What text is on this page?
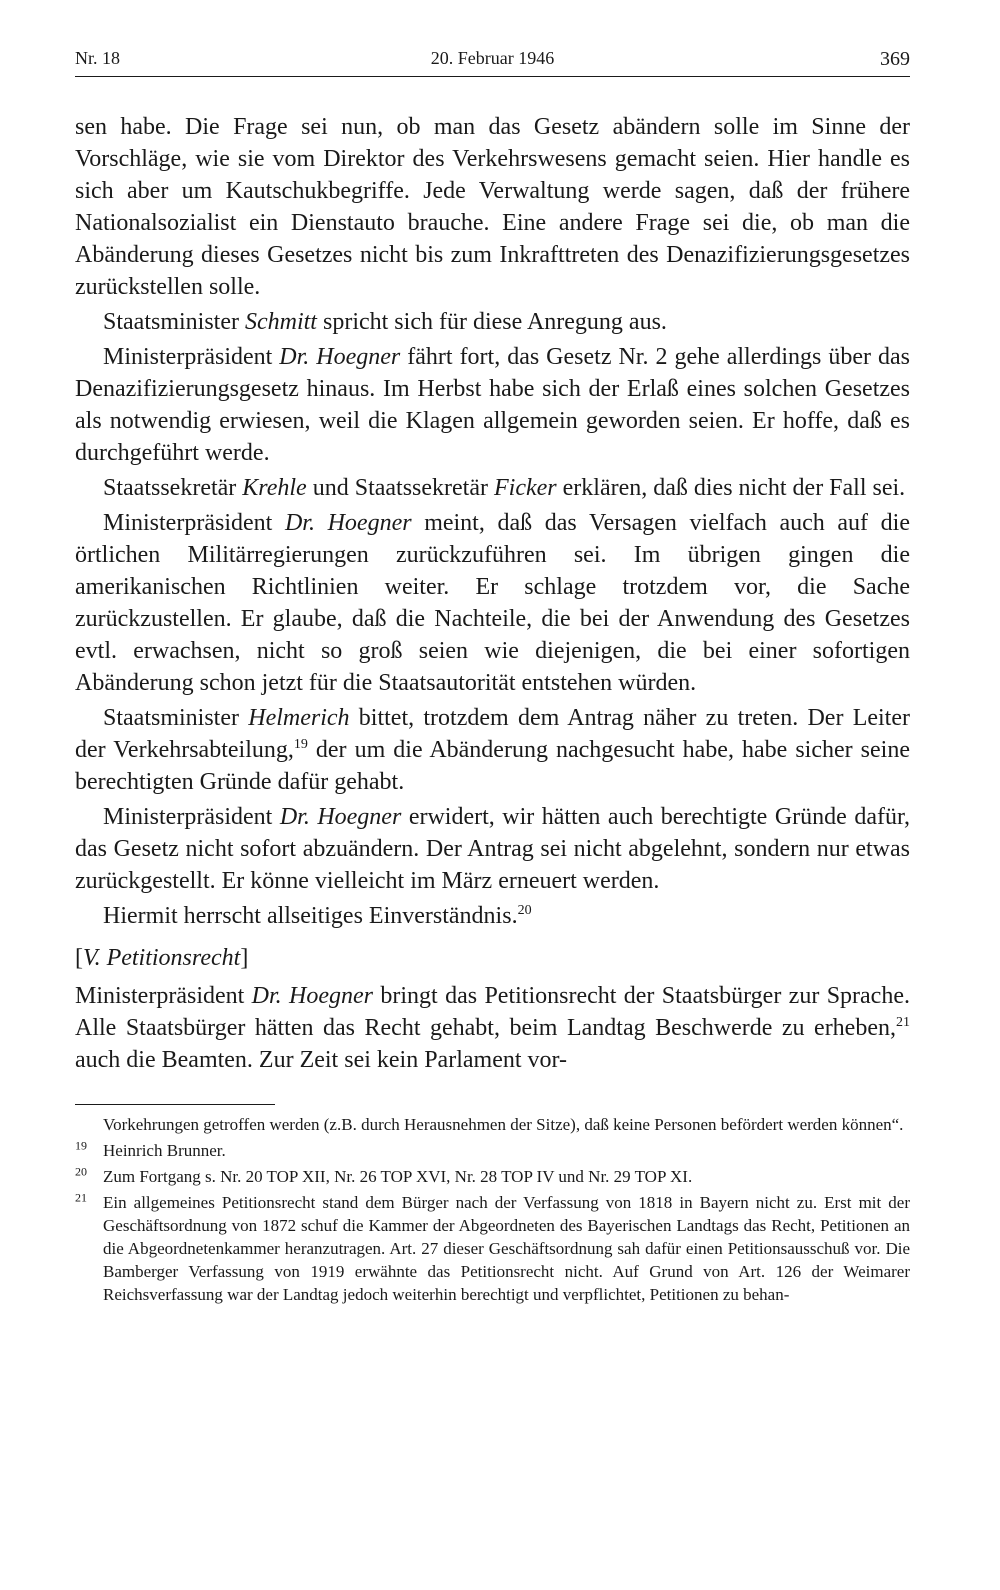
Nr. 18	20. Februar 1946	369

sen habe. Die Frage sei nun, ob man das Gesetz abändern solle im Sinne der Vorschläge, wie sie vom Direktor des Verkehrswesens gemacht seien. Hier handle es sich aber um Kautschukbegriffe. Jede Verwaltung werde sagen, daß der frühere Nationalsozialist ein Dienstauto brauche. Eine andere Frage sei die, ob man die Abänderung dieses Gesetzes nicht bis zum Inkrafttreten des Denazifizierungsgesetzes zurückstellen solle.

Staatsminister Schmitt spricht sich für diese Anregung aus.

Ministerpräsident Dr. Hoegner fährt fort, das Gesetz Nr. 2 gehe allerdings über das Denazifizierungsgesetz hinaus. Im Herbst habe sich der Erlaß eines solchen Gesetzes als notwendig erwiesen, weil die Klagen allgemein geworden seien. Er hoffe, daß es durchgeführt werde.

Staatssekretär Krehle und Staatssekretär Ficker erklären, daß dies nicht der Fall sei.

Ministerpräsident Dr. Hoegner meint, daß das Versagen vielfach auch auf die örtlichen Militärregierungen zurückzuführen sei. Im übrigen gingen die amerikanischen Richtlinien weiter. Er schlage trotzdem vor, die Sache zurückzustellen. Er glaube, daß die Nachteile, die bei der Anwendung des Gesetzes evtl. erwachsen, nicht so groß seien wie diejenigen, die bei einer sofortigen Abänderung schon jetzt für die Staatsautorität entstehen würden.

Staatsminister Helmerich bittet, trotzdem dem Antrag näher zu treten. Der Leiter der Verkehrsabteilung,$^{19}$ der um die Abänderung nachgesucht habe, habe sicher seine berechtigten Gründe dafür gehabt.

Ministerpräsident Dr. Hoegner erwidert, wir hätten auch berechtigte Gründe dafür, das Gesetz nicht sofort abzuändern. Der Antrag sei nicht abgelehnt, sondern nur etwas zurückgestellt. Er könne vielleicht im März erneuert werden.

Hiermit herrscht allseitiges Einverständnis.$^{20}$

[V. Petitionsrecht]

Ministerpräsident Dr. Hoegner bringt das Petitionsrecht der Staatsbürger zur Sprache. Alle Staatsbürger hätten das Recht gehabt, beim Landtag Beschwerde zu erheben,$^{21}$ auch die Beamten. Zur Zeit sei kein Parlament vor-

Vorkehrungen getroffen werden (z.B. durch Herausnehmen der Sitze), daß keine Personen befördert werden können“.

$^{19}$ Heinrich Brunner.

$^{20}$ Zum Fortgang s. Nr. 20 TOP XII, Nr. 26 TOP XVI, Nr. 28 TOP IV und Nr. 29 TOP XI.

$^{21}$ Ein allgemeines Petitionsrecht stand dem Bürger nach der Verfassung von 1818 in Bayern nicht zu. Erst mit der Geschäftsordnung von 1872 schuf die Kammer der Abgeordneten des Bayerischen Landtags das Recht, Petitionen an die Abgeordnetenkammer heranzutragen. Art. 27 dieser Geschäftsordnung sah dafür einen Petitionsausschuß vor. Die Bamberger Verfassung von 1919 erwähnte das Petitionsrecht nicht. Auf Grund von Art. 126 der Weimarer Reichsverfassung war der Landtag jedoch weiterhin berechtigt und verpflichtet, Petitionen zu behan-
